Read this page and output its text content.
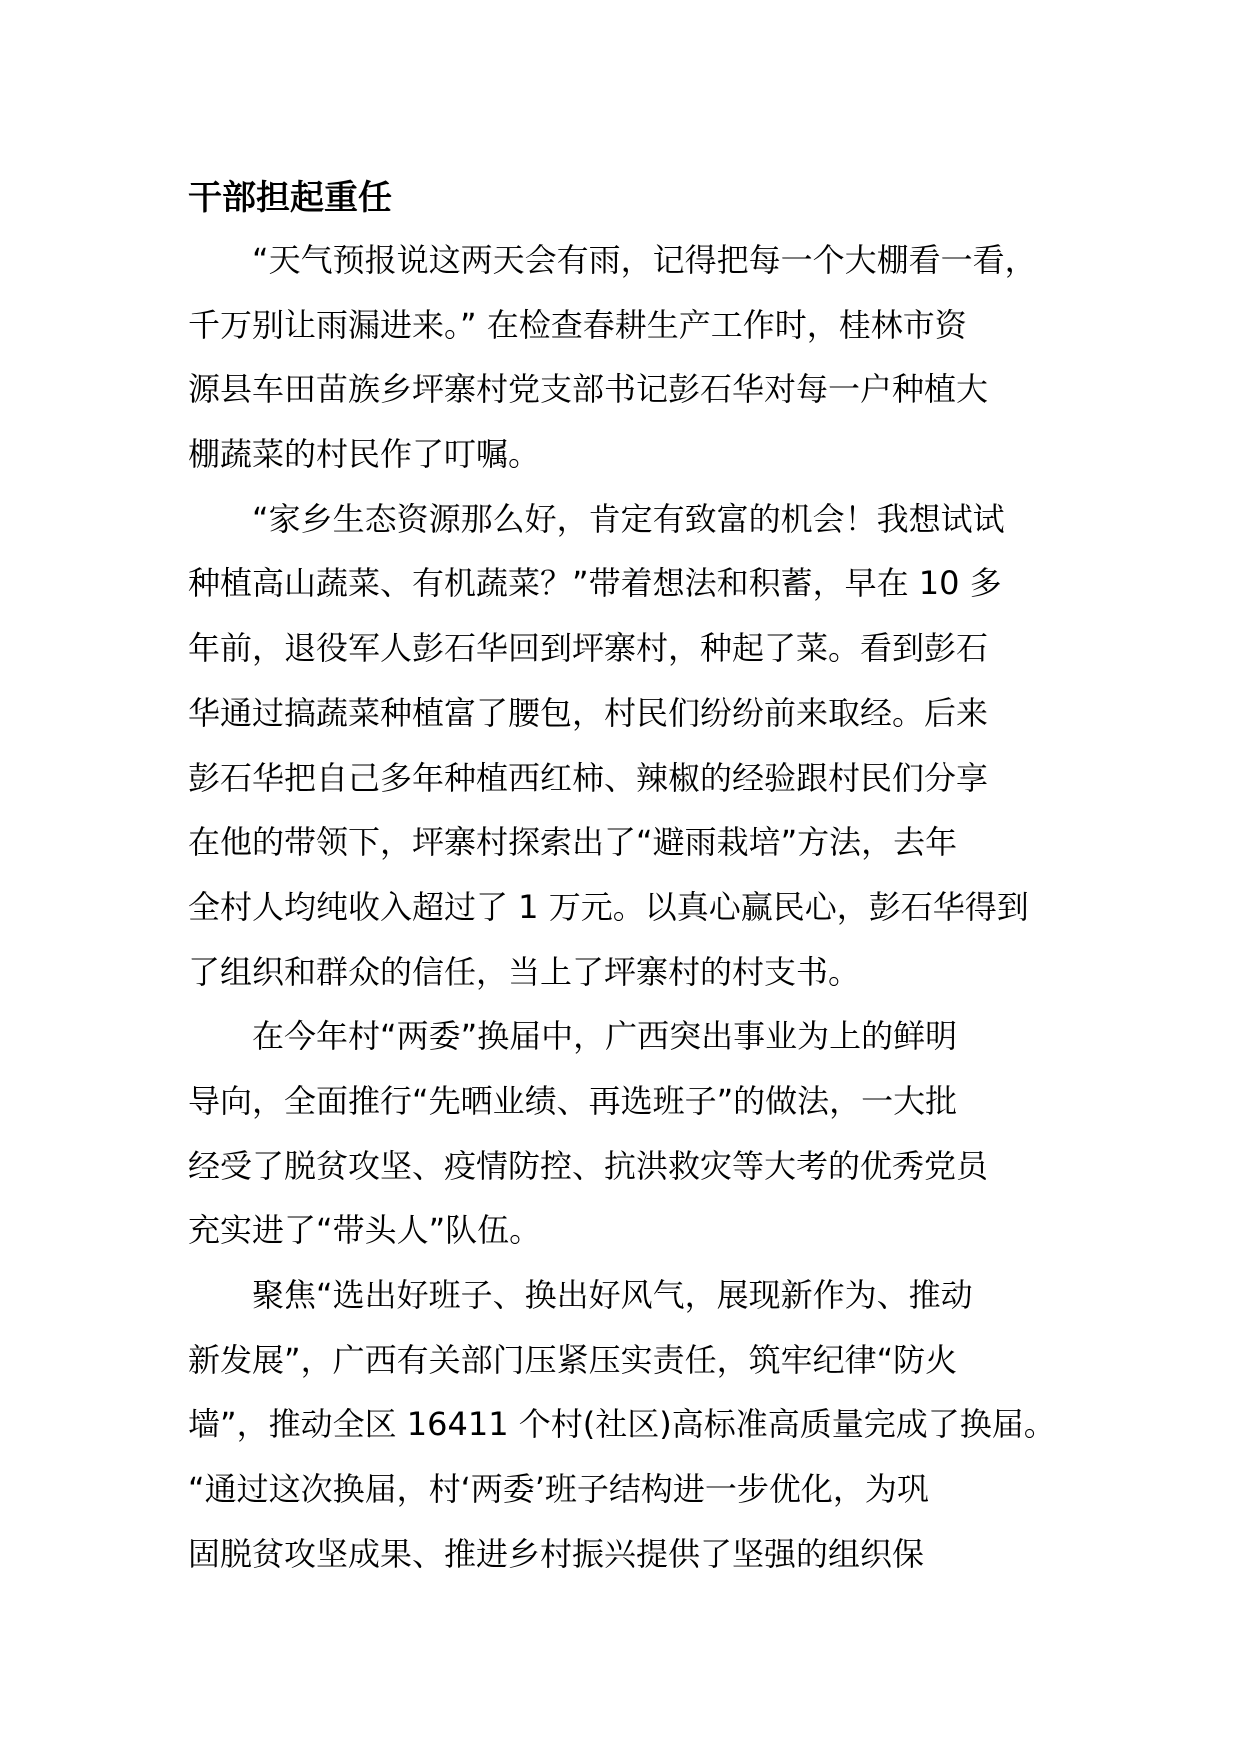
干部担起重任

“天气预报说这两天会有雨，记得把每一个大棚看一看，
千万别让雨漏进来。” 在检查春耕生产工作时，桂林市资
源县车田苗族乡坪寨村党支部书记彭石华对每一户种植大
棚蔬菜的村民作了叮嘱。

“家乡生态资源那么好，肯定有致富的机会！我想试试
种植高山蔬菜、有机蔬菜？”带着想法和积蓄，早在 10 多
年前，退役军人彭石华回到坪寨村，种起了菜。看到彭石
华通过搞蔬菜种植富了腰包，村民们纷纷前来取经。后来
彭石华把自己多年种植西红柿、辣椒的经验跟村民们分享
在他的带领下，坪寨村探索出了“避雨栽培”方法，去年
全村人均纯收入超过了 1 万元。以真心赢民心，彭石华得到
了组织和群众的信任，当上了坪寨村的村支书。

在今年村“两委”换届中，广西突出事业为上的鲜明
导向，全面推行“先晒业绩、再选班子”的做法，一大批
经受了脱贫攻坚、疫情防控、抗洪救灾等大考的优秀党员
充实进了“带头人”队伍。

聚焦“选出好班子、换出好风气，展现新作为、推动
新发展”，广西有关部门压紧压实责任，筑牢纪律“防火
墙”，推动全区 16411 个村(社区)高标准高质量完成了换届。
“通过这次换届，村‘两委’班子结构进一步优化，为巩
固脱贫攻坚成果、推进乡村振兴提供了坚强的组织保
